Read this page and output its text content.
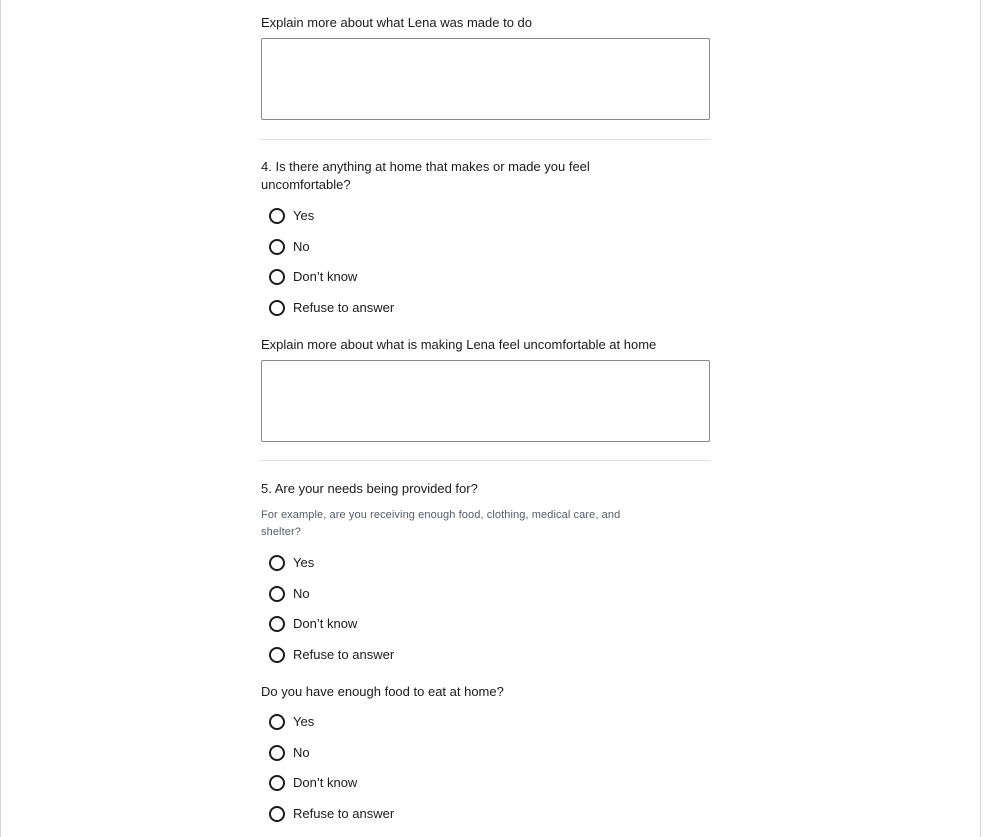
Explain more about what Lena was made to do
4. Is there anything at home that makes or made you feel
uncomfortable?
Yes
No
Don’t know
Refuse to answer
Explain more about what is making Lena feel uncomfortable at home
5. Are your needs being provided for?
For example, are you receiving enough food, clothing, medical care, and
shelter?
Yes
No
Don’t know
Refuse to answer
Do you have enough food to eat at home?
Yes
No
Don’t know
Refuse to answer
